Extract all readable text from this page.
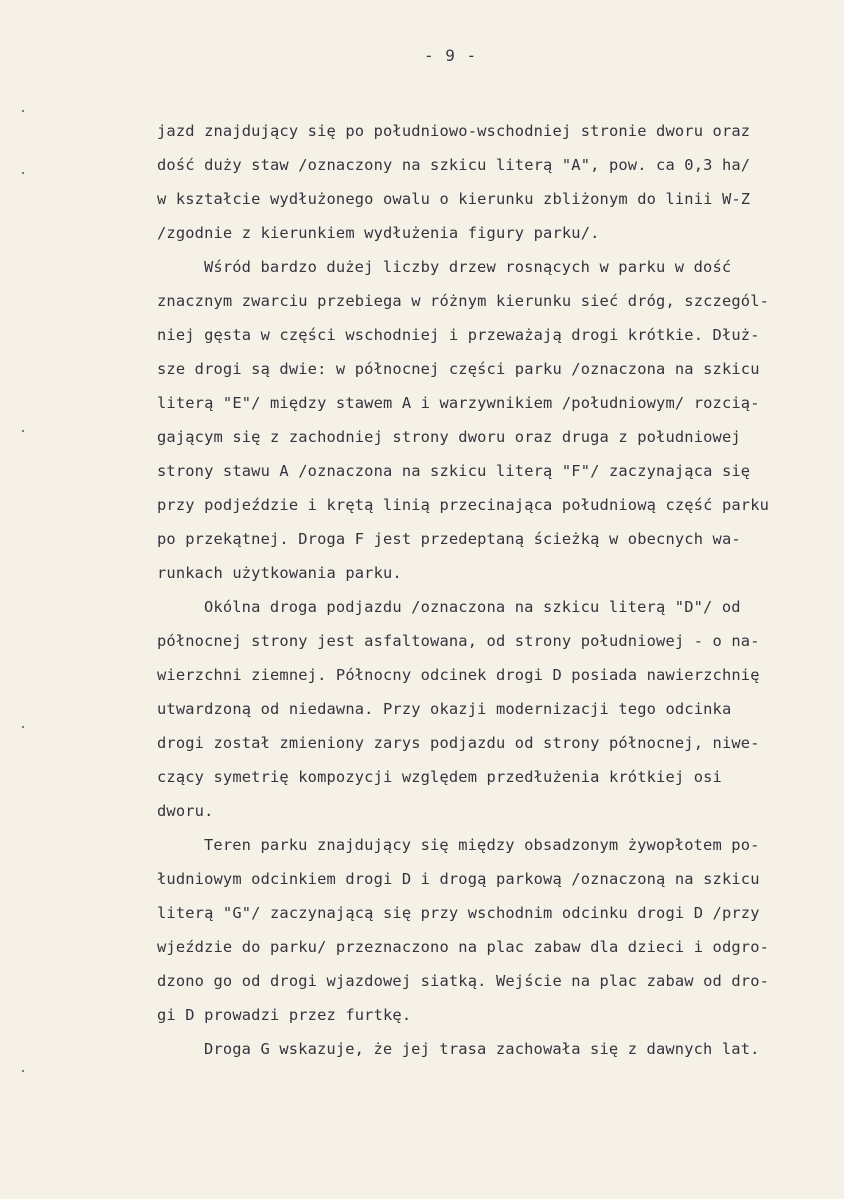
- 9 -
jazd znajdujący się po południowo-wschodniej stronie dworu oraz
dość duży staw /oznaczony na szkicu literą "A", pow. ca 0,3 ha/
w kształcie wydłużonego owalu o kierunku zbliżonym do linii W-Z
/zgodnie z kierunkiem wydłużenia figury parku/.
Wśród bardzo dużej liczby drzew rosnących w parku w dość
znacznym zwarciu przebiega w różnym kierunku sieć dróg, szczegól-
niej gęsta w części wschodniej i przeważają drogi krótkie. Dłuż-
sze drogi są dwie: w północnej części parku /oznaczona na szkicu
literą "E"/ między stawem A i warzywnikiem /południowym/ rozcią-
gającym się z zachodniej strony dworu oraz druga z południowej
strony stawu A /oznaczona na szkicu literą "F"/ zaczynająca się
przy podjeździe i krętą linią przecinająca południową część parku
po przekątnej. Droga F jest przedeptaną ścieżką w obecnych wa-
runkach użytkowania parku.
Okólna droga podjazdu /oznaczona na szkicu literą "D"/ od
północnej strony jest asfaltowana, od strony południowej - o na-
wierzchni ziemnej. Północny odcinek drogi D posiada nawierzchnię
utwardzoną od niedawna. Przy okazji modernizacji tego odcinka
drogi został zmieniony zarys podjazdu od strony północnej, niwe-
czący symetrię kompozycji względem przedłużenia krótkiej osi
dworu.
Teren parku znajdujący się między obsadzonym żywopłotem po-
łudniowym odcinkiem drogi D i drogą parkową /oznaczoną na szkicu
literą "G"/ zaczynającą się przy wschodnim odcinku drogi D /przy
wjeździe do parku/ przeznaczono na plac zabaw dla dzieci i odgro-
dzono go od drogi wjazdowej siatką. Wejście na plac zabaw od dro-
gi D prowadzi przez furtkę.
Droga G wskazuje, że jej trasa zachowała się z dawnych lat.
